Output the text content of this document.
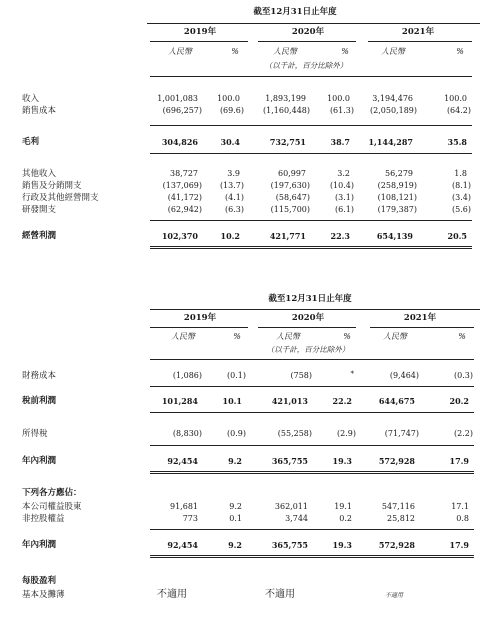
截至12月31日止年度
2019年	2020年	2021年
人民幣	%	人民幣	%	人民幣	%
（以千計，百分比除外）
收入	1,001,083	100.0	1,893,199	100.0	3,194,476	100.0
銷售成本	(696,257)	(69.6)	(1,160,448)	(61.3)	(2,050,189)	(64.2)
毛利	304,826	30.4	732,751	38.7	1,144,287	35.8
其他收入	38,727	3.9	60,997	3.2	56,279	1.8
銷售及分銷開支	(137,069)	(13.7)	(197,630)	(10.4)	(258,919)	(8.1)
行政及其他經營開支	(41,172)	(4.1)	(58,647)	(3.1)	(108,121)	(3.4)
研發開支	(62,942)	(6.3)	(115,700)	(6.1)	(179,387)	(5.6)
經營利潤	102,370	10.2	421,771	22.3	654,139	20.5
截至12月31日止年度
2019年	2020年	2021年
人民幣	%	人民幣	%	人民幣	%
（以千計，百分比除外）
財務成本	(1,086)	(0.1)	(758)	*	(9,464)	(0.3)
稅前利潤	101,284	10.1	421,013	22.2	644,675	20.2
所得稅	(8,830)	(0.9)	(55,258)	(2.9)	(71,747)	(2.2)
年內利潤	92,454	9.2	365,755	19.3	572,928	17.9
下列各方應佔：
本公司權益股東	91,681	9.2	362,011	19.1	547,116	17.1
非控股權益	773	0.1	3,744	0.2	25,812	0.8
年內利潤	92,454	9.2	365,755	19.3	572,928	17.9
每股盈利
基本及攤薄	不適用	不適用	不適用
